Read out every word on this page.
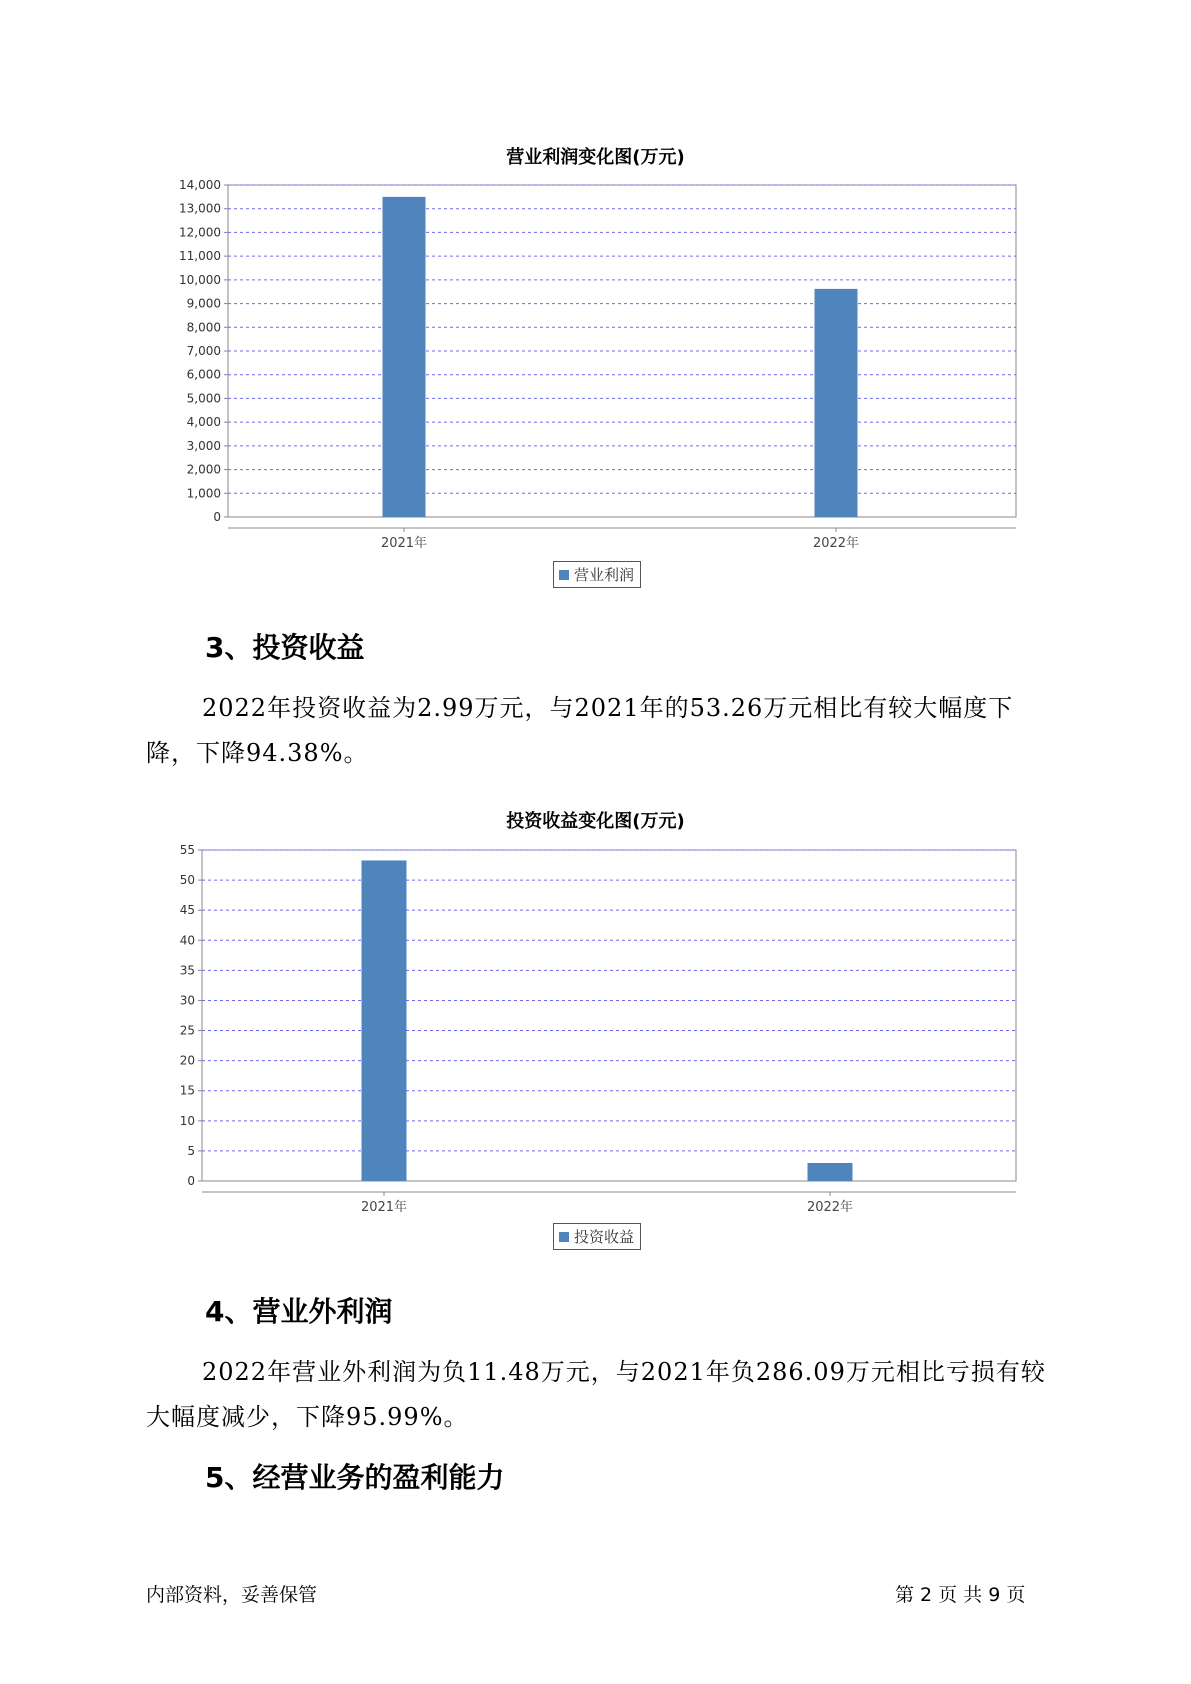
营业利润变化图(万元)
0
1,000
2,000
3,000
4,000
5,000
6,000
7,000
8,000
9,000
10,000
11,000
12,000
13,000
14,000
2021年	2022年
营业利润
3、投资收益
2022年投资收益为2.99万元，与2021年的53.26万元相比有较大幅度下降，下降94.38%。
投资收益变化图(万元)
0
5
10
15
20
25
30
35
40
45
50
55
2021年	2022年
投资收益
4、营业外利润
2022年营业外利润为负11.48万元，与2021年负286.09万元相比亏损有较大幅度减少，下降95.99%。
5、经营业务的盈利能力
内部资料，妥善保管	第 2 页 共 9 页
